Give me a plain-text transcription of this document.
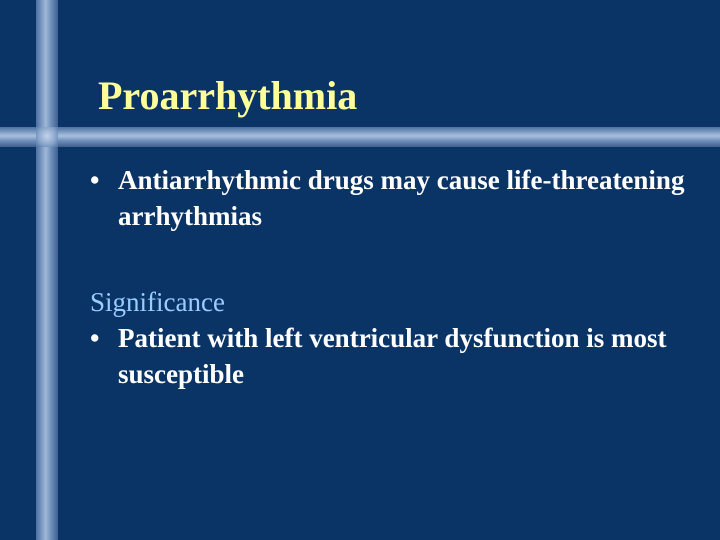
Proarrhythmia
• Antiarrhythmic drugs may cause life-threatening arrhythmias
Significance
• Patient with left ventricular dysfunction is most susceptible
